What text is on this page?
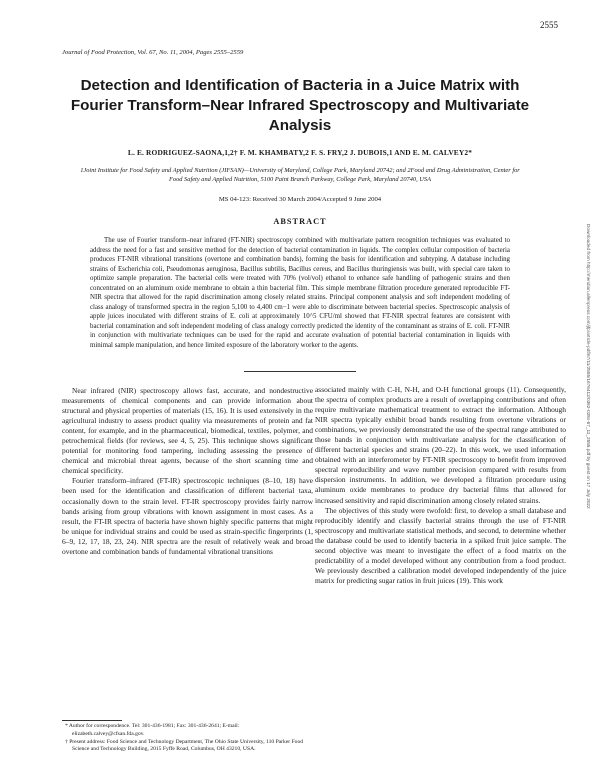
2555
Journal of Food Protection, Vol. 67, No. 11, 2004, Pages 2555–2559
Detection and Identification of Bacteria in a Juice Matrix with Fourier Transform–Near Infrared Spectroscopy and Multivariate Analysis
L. E. RODRIGUEZ-SAONA,1,2† F. M. KHAMBATY,2 F. S. FRY,2 J. DUBOIS,1 AND E. M. CALVEY2*
1Joint Institute for Food Safety and Applied Nutrition (JIFSAN)—University of Maryland, College Park, Maryland 20742; and 2Food and Drug Administration, Center for Food Safety and Applied Nutrition, 5100 Paint Branch Parkway, College Park, Maryland 20740, USA
MS 04-123: Received 30 March 2004/Accepted 9 June 2004
ABSTRACT

The use of Fourier transform–near infrared (FT-NIR) spectroscopy combined with multivariate pattern recognition techniques was evaluated to address the need for a fast and sensitive method for the detection of bacterial contamination in liquids. The complex cellular composition of bacteria produces FT-NIR vibrational transitions (overtone and combination bands), forming the basis for identification and subtyping. A database including strains of Escherichia coli, Pseudomonas aeruginosa, Bacillus subtilis, Bacillus cereus, and Bacillus thuringiensis was built, with special care taken to optimize sample preparation. The bacterial cells were treated with 70% (vol/vol) ethanol to enhance safe handling of pathogenic strains and then concentrated on an aluminum oxide membrane to obtain a thin bacterial film. This simple membrane filtration procedure generated reproducible FT-NIR spectra that allowed for the rapid discrimination among closely related strains. Principal component analysis and soft independent modeling of class analogy of transformed spectra in the region 5,100 to 4,400 cm−1 were able to discriminate between bacterial species. Spectroscopic analysis of apple juices inoculated with different strains of E. coli at approximately 10^5 CFU/ml showed that FT-NIR spectral features are consistent with bacterial contamination and soft independent modeling of class analogy correctly predicted the identity of the contaminant as strains of E. coli. FT-NIR in conjunction with multivariate techniques can be used for the rapid and accurate evaluation of potential bacterial contamination in liquids with minimal sample manipulation, and hence limited exposure of the laboratory worker to the agents.

Near infrared (NIR) spectroscopy allows fast, accurate, and nondestructive measurements of chemical components and can provide information about structural and physical properties of materials (15, 16). It is used extensively in the agricultural industry to assess product quality via measurements of protein and fat content, for example, and in the pharmaceutical, biomedical, textiles, polymer, and petrochemical fields (for reviews, see 4, 5, 25). This technique shows significant potential for monitoring food tampering, including assessing the presence of chemical and microbial threat agents, because of the short scanning time and chemical specificity.

Fourier transform–infrared (FT-IR) spectroscopic techniques (8–10, 18) have been used for the identification and classification of different bacterial taxa, occasionally down to the strain level. FT-IR spectroscopy provides fairly narrow bands arising from group vibrations with known assignment in most cases. As a result, the FT-IR spectra of bacteria have shown highly specific patterns that might be unique for individual strains and could be used as strain-specific fingerprints (1, 6–9, 12, 17, 18, 23, 24). NIR spectra are the result of relatively weak and broad overtone and combination bands of fundamental vibrational transitions

associated mainly with C-H, N-H, and O-H functional groups (11). Consequently, the spectra of complex products are a result of overlapping contributions and often require multivariate mathematical treatment to extract the information. Although NIR spectra typically exhibit broad bands resulting from overtone vibrations or combinations, we previously demonstrated the use of the spectral range attributed to those bands in conjunction with multivariate analysis for the classification of different bacterial species and strains (20–22). In this work, we used information obtained with an interferometer by FT-NIR spectroscopy to benefit from improved spectral reproducibility and wave number precision compared with results from dispersion instruments. In addition, we developed a filtration procedure using aluminum oxide membranes to produce dry bacterial films that allowed for increased sensitivity and rapid discrimination among closely related strains.

The objectives of this study were twofold: first, to develop a small database and reproducibly identify and classify bacterial strains through the use of FT-NIR spectroscopy and multivariate statistical methods, and second, to determine whether the database could be used to identify bacteria in a spiked fruit juice sample. The second objective was meant to investigate the effect of a food matrix on the predictability of a model developed without any contribution from a food product. We previously described a calibration model developed independently of the juice matrix for predicting sugar ratios in fruit juices (19). This work

* Author for correspondence. Tel: 301-436-1981; Fax: 301-436-2641; E-mail: elizabeth.calvey@cfsan.fda.gov.

† Present address: Food Science and Technology Department, The Ohio State University, 110 Parker Food Science and Technology Building, 2015 Fyffe Road, Columbus, OH 43210, USA.

Downloaded from http://meridian.allenpress.com/jfp/article-pdf/67/11/2555/1676412/0362-028x-67_11_2555.pdf by guest on 17 July 2022
